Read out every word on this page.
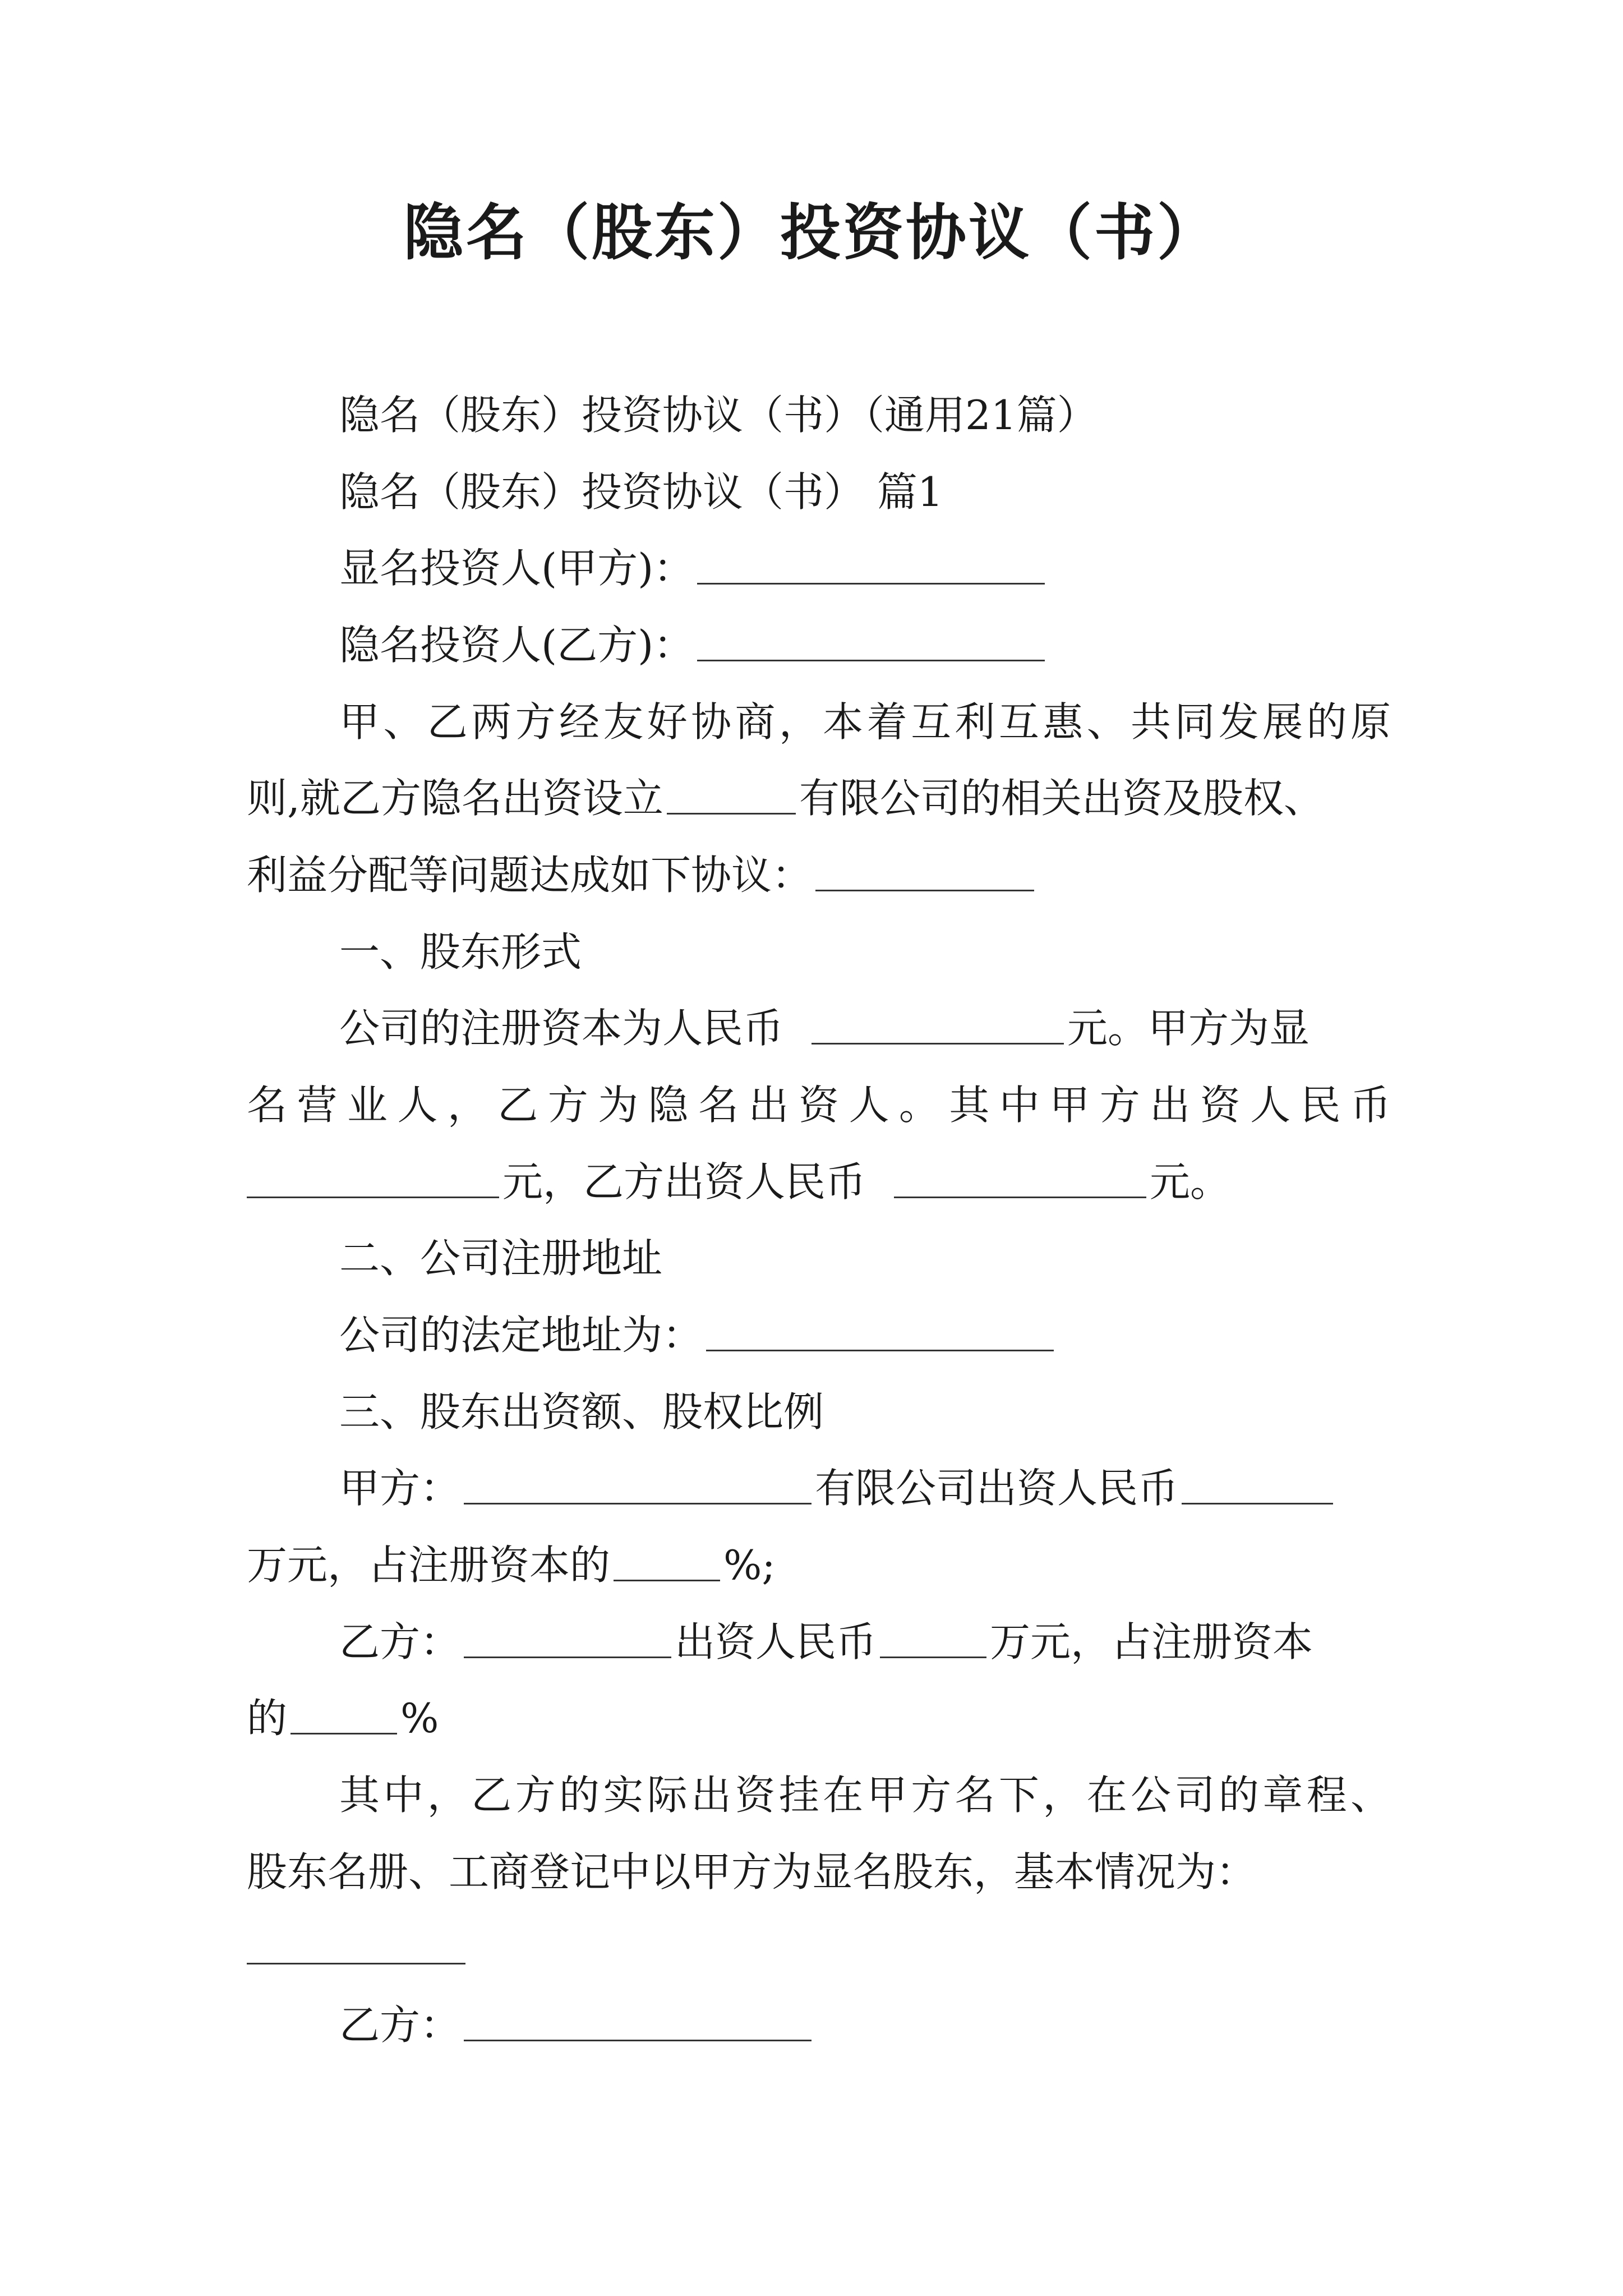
隐名（股东）投资协议（书）
隐名（股东）投资协议（书）（通用21篇）
隐名（股东）投资协议（书） 篇1
显名投资人(甲方)：
隐名投资人(乙方)：
甲、乙两方经友好协商，本着互利互惠、共同发展的原
则,就乙方隐名出资设立	有限公司的相关出资及股权、
利益分配等问题达成如下协议：
一、股东形式
公司的注册资本为人民币	元。甲方为显
名营业人，乙方为隐名出资人。其中甲方出资人民币
元，乙方出资人民币	元。
二、公司注册地址
公司的法定地址为：
三、股东出资额、股权比例
甲方：	有限公司出资人民币
万元，占注册资本的	%;
乙方：	出资人民币	万元，占注册资本
的	%
其中，乙方的实际出资挂在甲方名下，在公司的章程、
股东名册、工商登记中以甲方为显名股东，基本情况为：
乙方：
